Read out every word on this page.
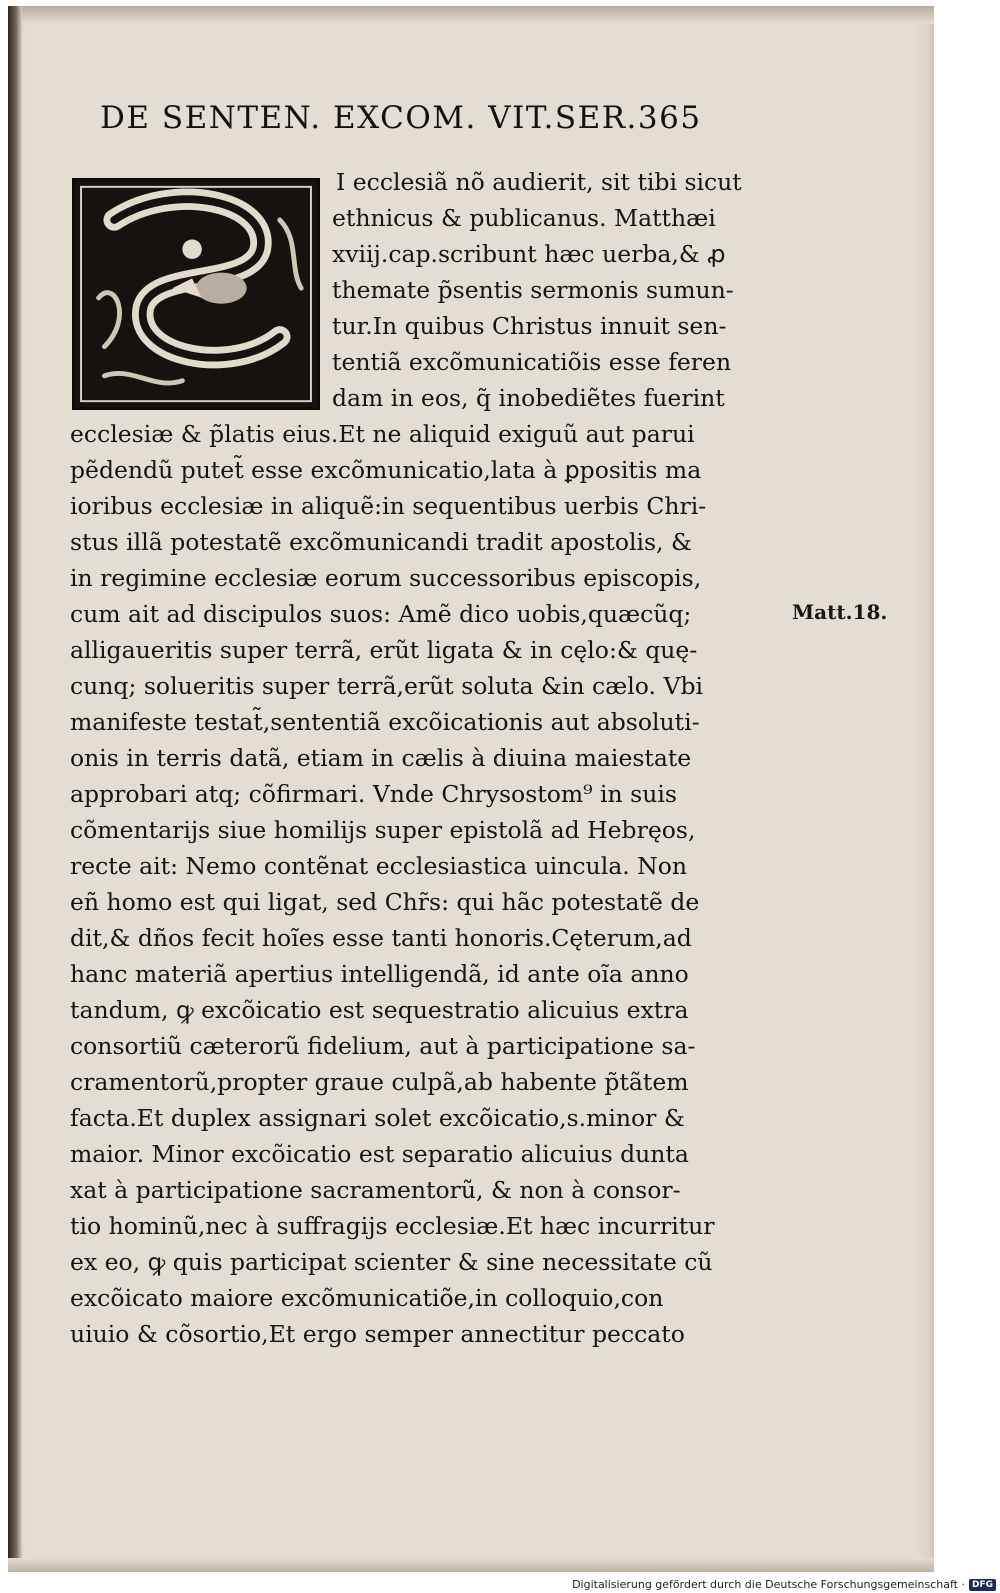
DE SENTEN. EXCOM. VIT.SER.365
I ecclesiã nõ audierit, sit tibi sicut
ethnicus & publicanus. Matthæi
xviij.cap.scribunt hæc uerba,& ꝓ
themate p̃sentis sermonis sumun-
tur.In quibus Christus innuit sen-
tentiã excõmunicatiõis esse feren
dam in eos, q̃ inobediẽtes fuerint
ecclesiæ & p̃latis eius.Et ne aliquid exiguũ aut parui
pẽdendũ putet̃ esse excõmunicatio,lata à ꝑpositis ma
ioribus ecclesiæ in aliquẽ:in sequentibus uerbis Chri-
stus illã potestatẽ excõmunicandi tradit apostolis, &
in regimine ecclesiæ eorum successoribus episcopis,
cum ait ad discipulos suos: Amẽ dico uobis,quæcũq;
alligaueritis super terrã, erũt ligata & in cęlo:& quę-
cunq; solueritis super terrã,erũt soluta &in cælo. Vbi
manifeste testat̃,sententiã excõicationis aut absoluti-
onis in terris datã, etiam in cælis à diuina maiestate
approbari atq; cõfirmari. Vnde Chrysostom⁹ in suis
cõmentarijs siue homilijs super epistolã ad Hebręos,
recte ait: Nemo contẽnat ecclesiastica uincula. Non
eñ homo est qui ligat, sed Chr̃s: qui hãc potestatẽ de
dit,& dños fecit hoĩes esse tanti honoris.Cęterum,ad
hanc materiã apertius intelligendã, id ante oĩa anno
tandum, ꝙ excõicatio est sequestratio alicuius extra
consortiũ cæterorũ fidelium, aut à participatione sa-
cramentorũ,propter graue culpã,ab habente p̃tãtem
facta.Et duplex assignari solet excõicatio,s.minor &
maior. Minor excõicatio est separatio alicuius dunta
xat à participatione sacramentorũ, & non à consor-
tio hominũ,nec à suffragijs ecclesiæ.Et hæc incurritur
ex eo, ꝙ quis participat scienter & sine necessitate cũ
excõicato maiore excõmunicatiõe,in colloquio,con
uiuio & cõsortio,Et ergo semper annectitur peccato
Matt.18.
Digitalisierung gefördert durch die Deutsche Forschungsgemeinschaft · DFG
